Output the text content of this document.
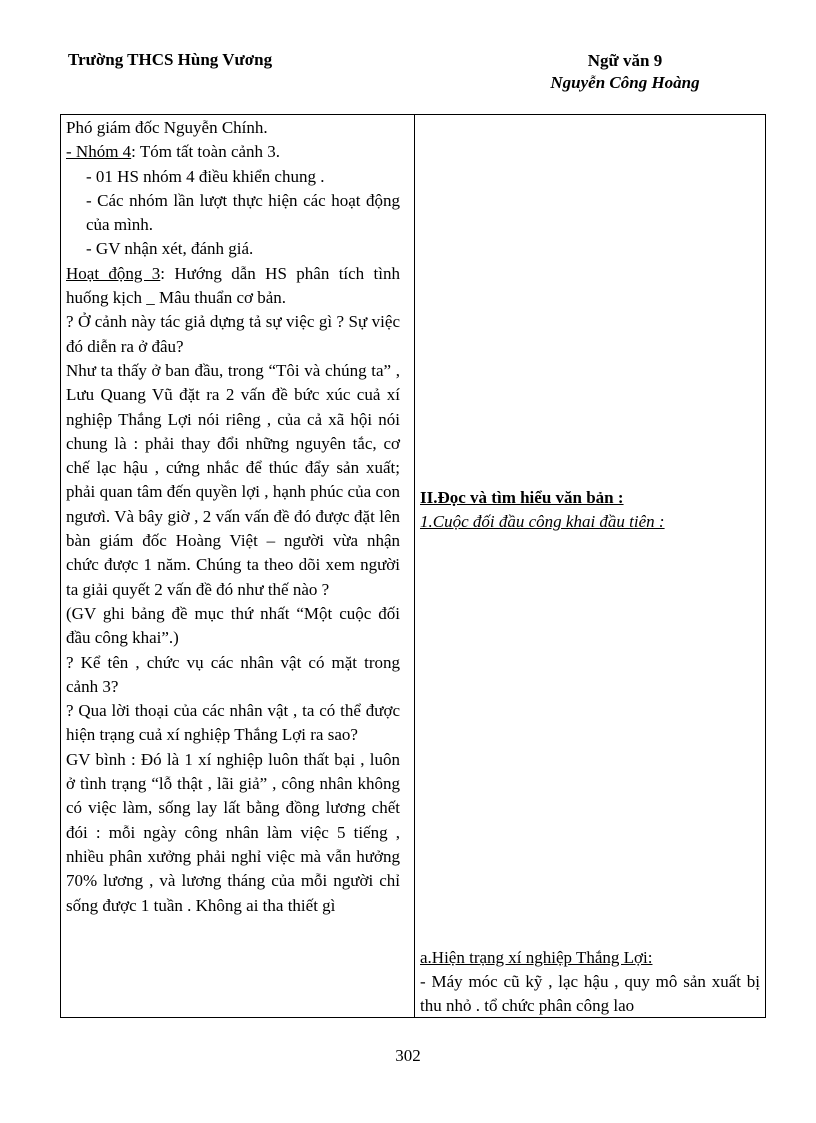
Trường THCS Hùng Vương	Ngữ văn 9
Nguyễn Công Hoàng
Phó giám đốc Nguyễn Chính.
- Nhóm 4: Tóm tất toàn cảnh 3.
- 01 HS nhóm 4 điều khiển chung .
- Các nhóm lần lượt thực hiện các hoạt động của mình.
- GV nhận xét, đánh giá.
Hoạt động 3: Hướng dẫn HS phân tích tình huống kịch _ Mâu thuẩn cơ bản.
? Ở cảnh này tác giả dựng tả sự việc gì ? Sự việc đó diễn ra ở đâu?
Như ta thấy ở ban đầu, trong “Tôi và chúng ta” , Lưu Quang Vũ đặt ra 2 vấn đề bức xúc cuả xí nghiệp Thắng Lợi nói riêng , của cả xã hội nói chung là : phải thay đổi những nguyên tắc, cơ chế lạc hậu , cứng nhắc để thúc đẩy sản xuất; phải quan tâm đến quyền lợi , hạnh phúc của con ngươì. Và bây giờ , 2 vấn vấn đề đó được đặt lên bàn giám đốc Hoàng Việt – người vừa nhận chức được 1 năm. Chúng ta theo dõi xem người ta giải quyết 2 vấn đề đó như thế nào ?
(GV ghi bảng đề mục thứ nhất “Một cuộc đối đầu công khai”.)
? Kể tên , chức vụ các nhân vật có mặt trong cảnh 3?
? Qua lời thoại của các nhân vật , ta có thể được hiện trạng cuả xí nghiệp Thắng Lợi ra sao?
GV bình : Đó là 1 xí nghiệp luôn thất bại , luôn ở tình trạng “lỗ thật , lãi giả” , công nhân không có việc làm, sống lay lất bằng đồng lương chết đói : mỗi ngày công nhân làm việc 5 tiếng , nhiều phân xưởng phải nghỉ việc mà vẫn hưởng 70% lương , và lương tháng của mỗi người chỉ sống được 1 tuần . Không ai tha thiết gì
II.Đọc và tìm hiểu văn bản :
1.Cuộc đối đầu công khai đầu tiên :
a.Hiện trạng xí nghiệp Thắng Lợi:
- Máy móc cũ kỹ , lạc hậu , quy mô sản xuất bị thu nhỏ . tổ chức phân công lao
302
